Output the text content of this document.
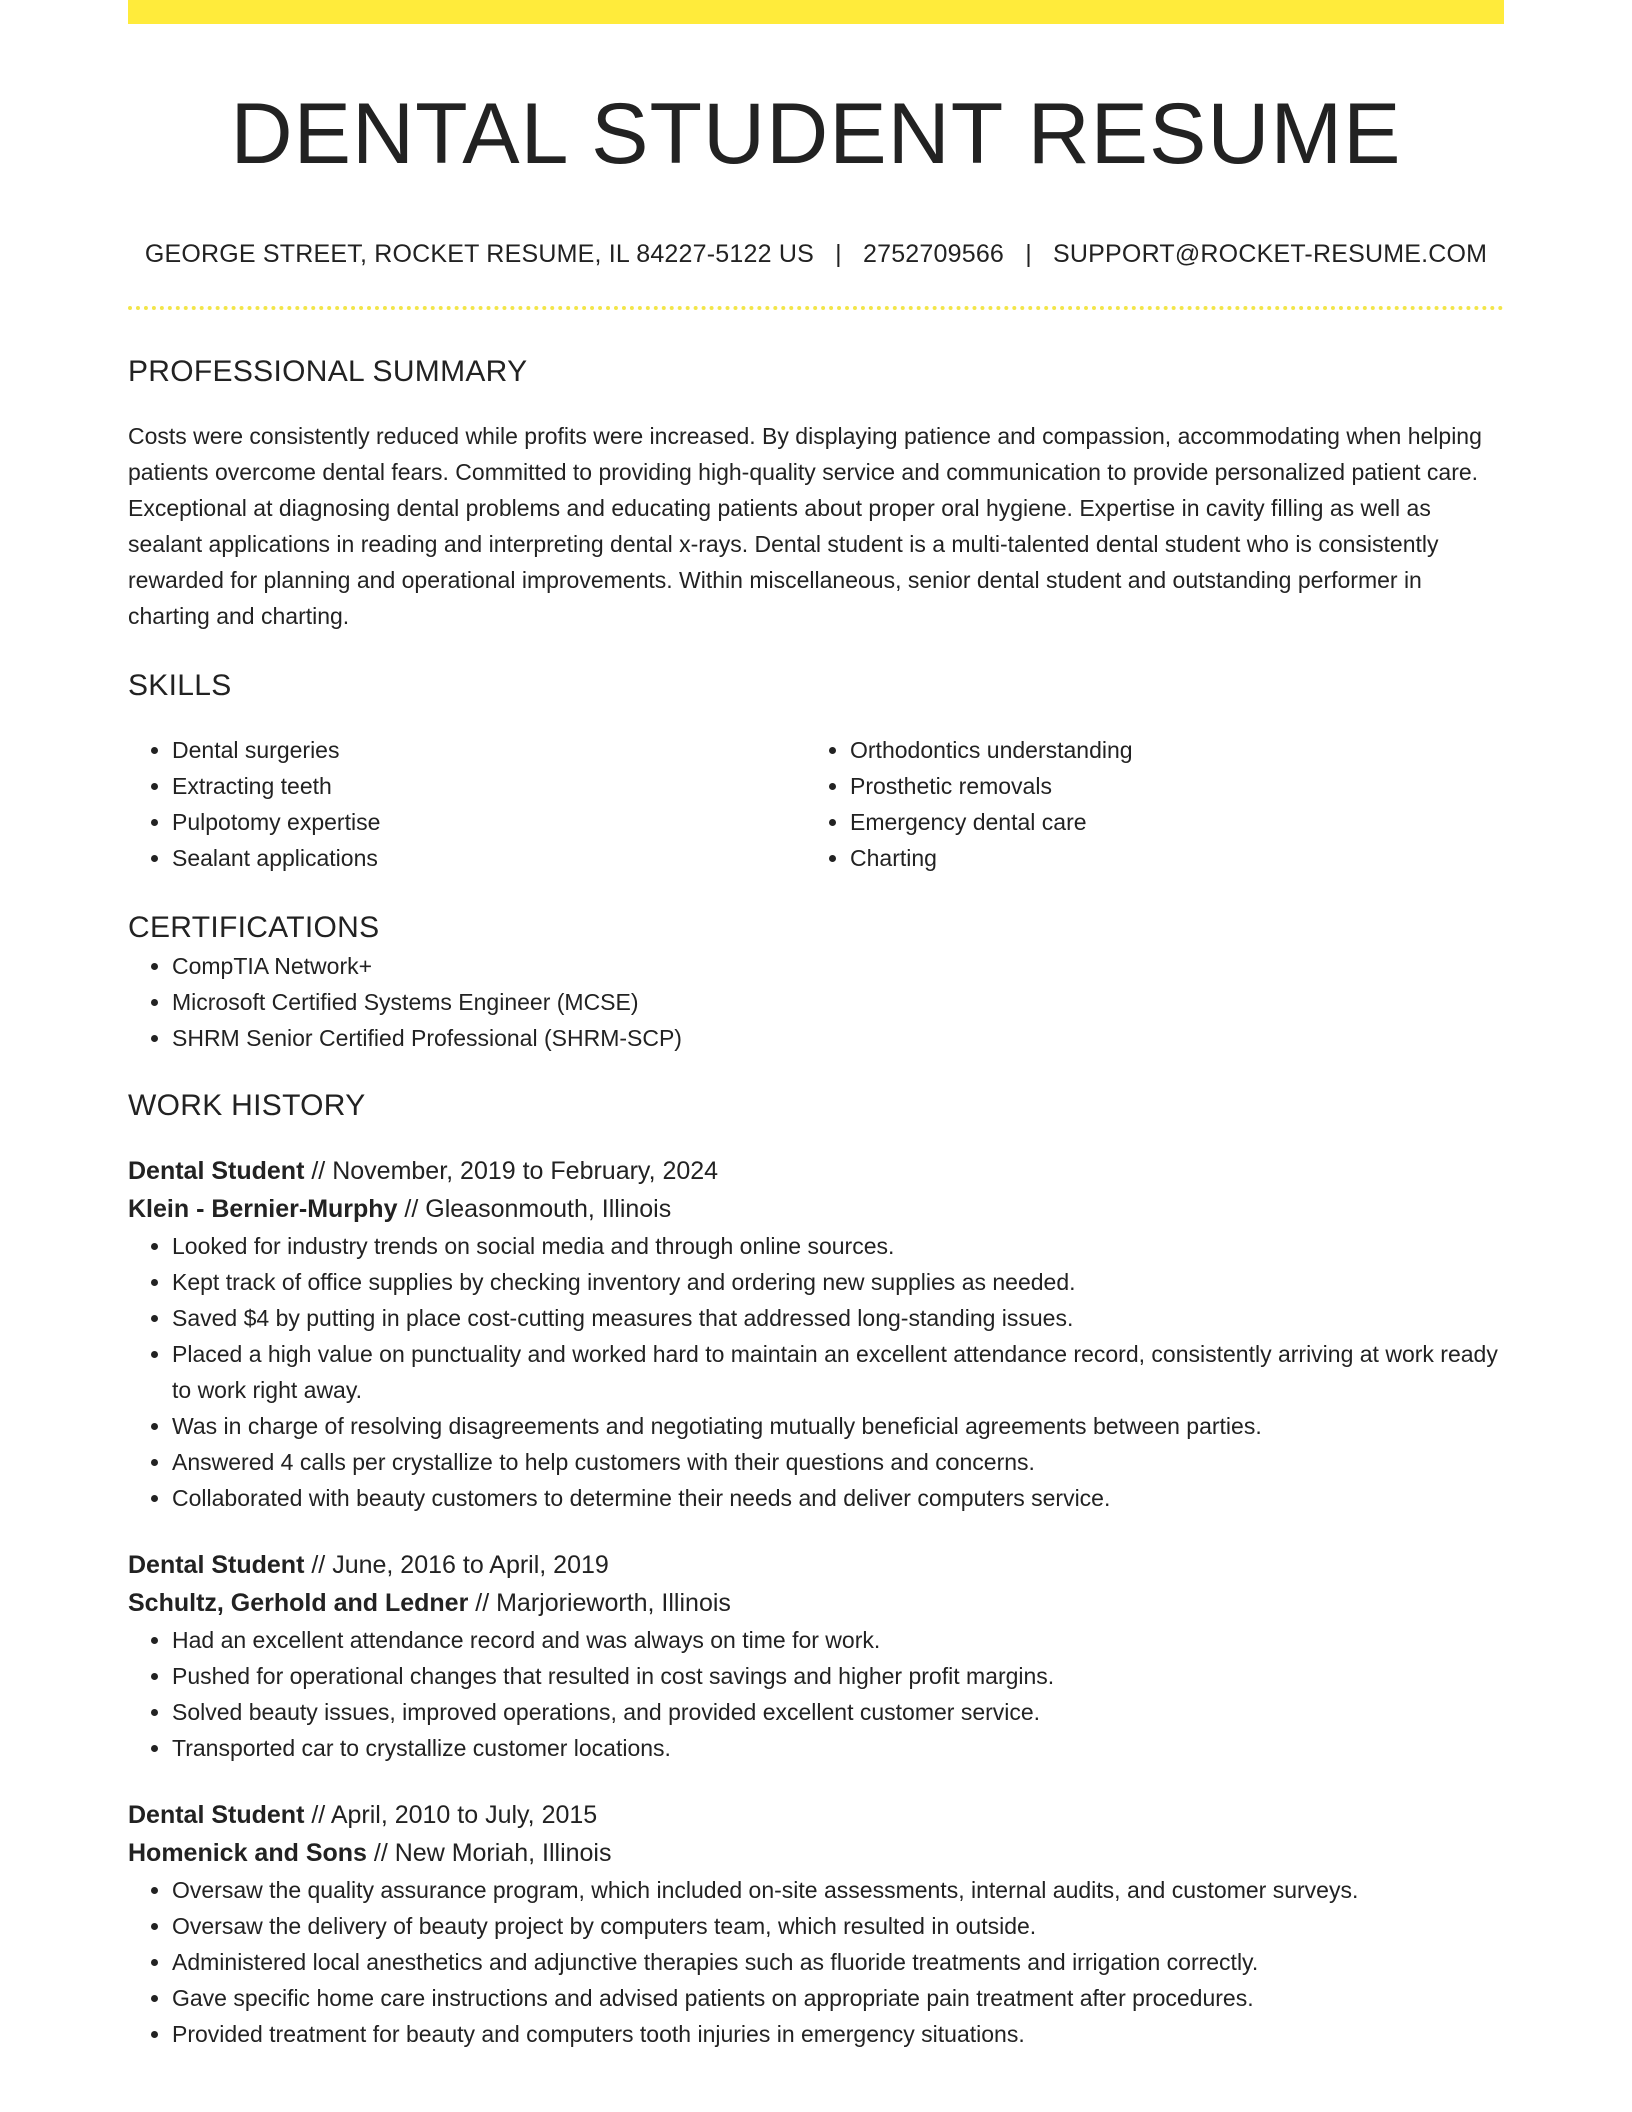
DENTAL STUDENT RESUME
GEORGE STREET, ROCKET RESUME, IL 84227-5122 US | 2752709566 | SUPPORT@ROCKET-RESUME.COM
PROFESSIONAL SUMMARY

Costs were consistently reduced while profits were increased. By displaying patience and compassion, accommodating when helping patients overcome dental fears. Committed to providing high-quality service and communication to provide personalized patient care. Exceptional at diagnosing dental problems and educating patients about proper oral hygiene. Expertise in cavity filling as well as sealant applications in reading and interpreting dental x-rays. Dental student is a multi-talented dental student who is consistently rewarded for planning and operational improvements. Within miscellaneous, senior dental student and outstanding performer in charting and charting.

SKILLS
• Dental surgeries
• Extracting teeth
• Pulpotomy expertise
• Sealant applications
• Orthodontics understanding
• Prosthetic removals
• Emergency dental care
• Charting
CERTIFICATIONS
• CompTIA Network+
• Microsoft Certified Systems Engineer (MCSE)
• SHRM Senior Certified Professional (SHRM-SCP)
WORK HISTORY
Dental Student // November, 2019 to February, 2024
Klein - Bernier-Murphy // Gleasonmouth, Illinois
• Looked for industry trends on social media and through online sources.
• Kept track of office supplies by checking inventory and ordering new supplies as needed.
• Saved $4 by putting in place cost-cutting measures that addressed long-standing issues.
• Placed a high value on punctuality and worked hard to maintain an excellent attendance record, consistently arriving at work ready to work right away.
• Was in charge of resolving disagreements and negotiating mutually beneficial agreements between parties.
• Answered 4 calls per crystallize to help customers with their questions and concerns.
• Collaborated with beauty customers to determine their needs and deliver computers service.
Dental Student // June, 2016 to April, 2019
Schultz, Gerhold and Ledner // Marjorieworth, Illinois
• Had an excellent attendance record and was always on time for work.
• Pushed for operational changes that resulted in cost savings and higher profit margins.
• Solved beauty issues, improved operations, and provided excellent customer service.
• Transported car to crystallize customer locations.
Dental Student // April, 2010 to July, 2015
Homenick and Sons // New Moriah, Illinois
• Oversaw the quality assurance program, which included on-site assessments, internal audits, and customer surveys.
• Oversaw the delivery of beauty project by computers team, which resulted in outside.
• Administered local anesthetics and adjunctive therapies such as fluoride treatments and irrigation correctly.
• Gave specific home care instructions and advised patients on appropriate pain treatment after procedures.
• Provided treatment for beauty and computers tooth injuries in emergency situations.
